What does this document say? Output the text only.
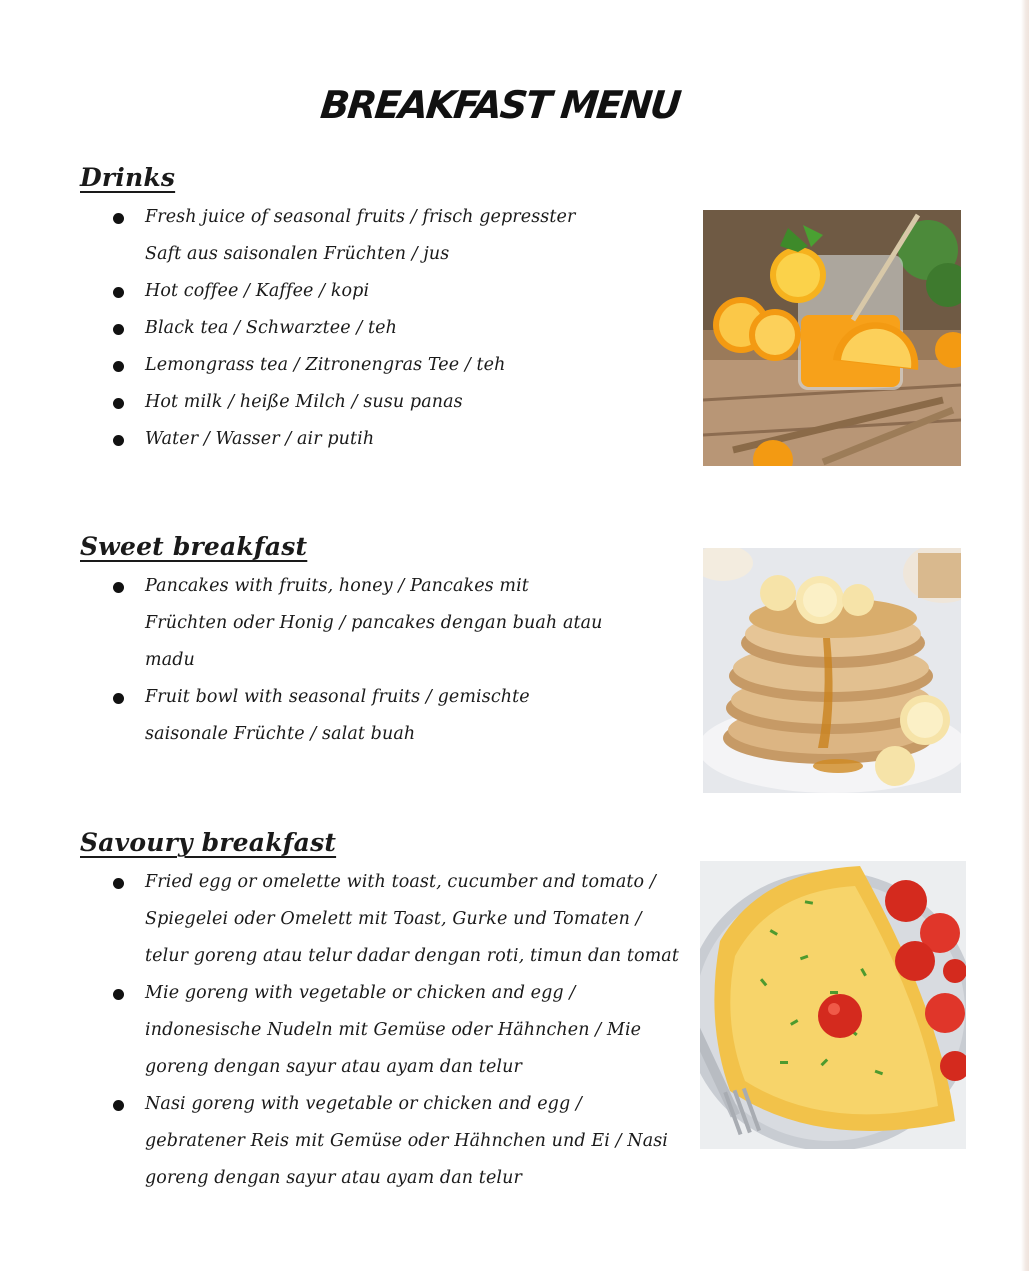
BREAKFAST MENU
Drinks
Fresh juice of seasonal fruits / frisch gepresster Saft aus saisonalen Früchten / jus
Hot coffee / Kaffee / kopi
Black tea / Schwarztee / teh
Lemongrass tea / Zitronengras Tee / teh
Hot milk / heiße Milch / susu panas
Water / Wasser / air putih
Sweet breakfast
Pancakes with fruits, honey / Pancakes mit Früchten oder Honig / pancakes dengan buah atau madu
Fruit bowl with seasonal fruits / gemischte saisonale Früchte / salat buah
Savoury breakfast
Fried egg or omelette with toast, cucumber and tomato / Spiegelei oder Omelett mit Toast, Gurke und Tomaten / telur goreng atau telur dadar dengan roti, timun dan tomat
Mie goreng with vegetable or chicken and egg / indonesische Nudeln mit Gemüse oder Hähnchen / Mie goreng dengan sayur atau ayam dan telur
Nasi goreng with vegetable or chicken and egg / gebratener Reis mit Gemüse oder Hähnchen und Ei / Nasi goreng dengan sayur atau ayam dan telur
